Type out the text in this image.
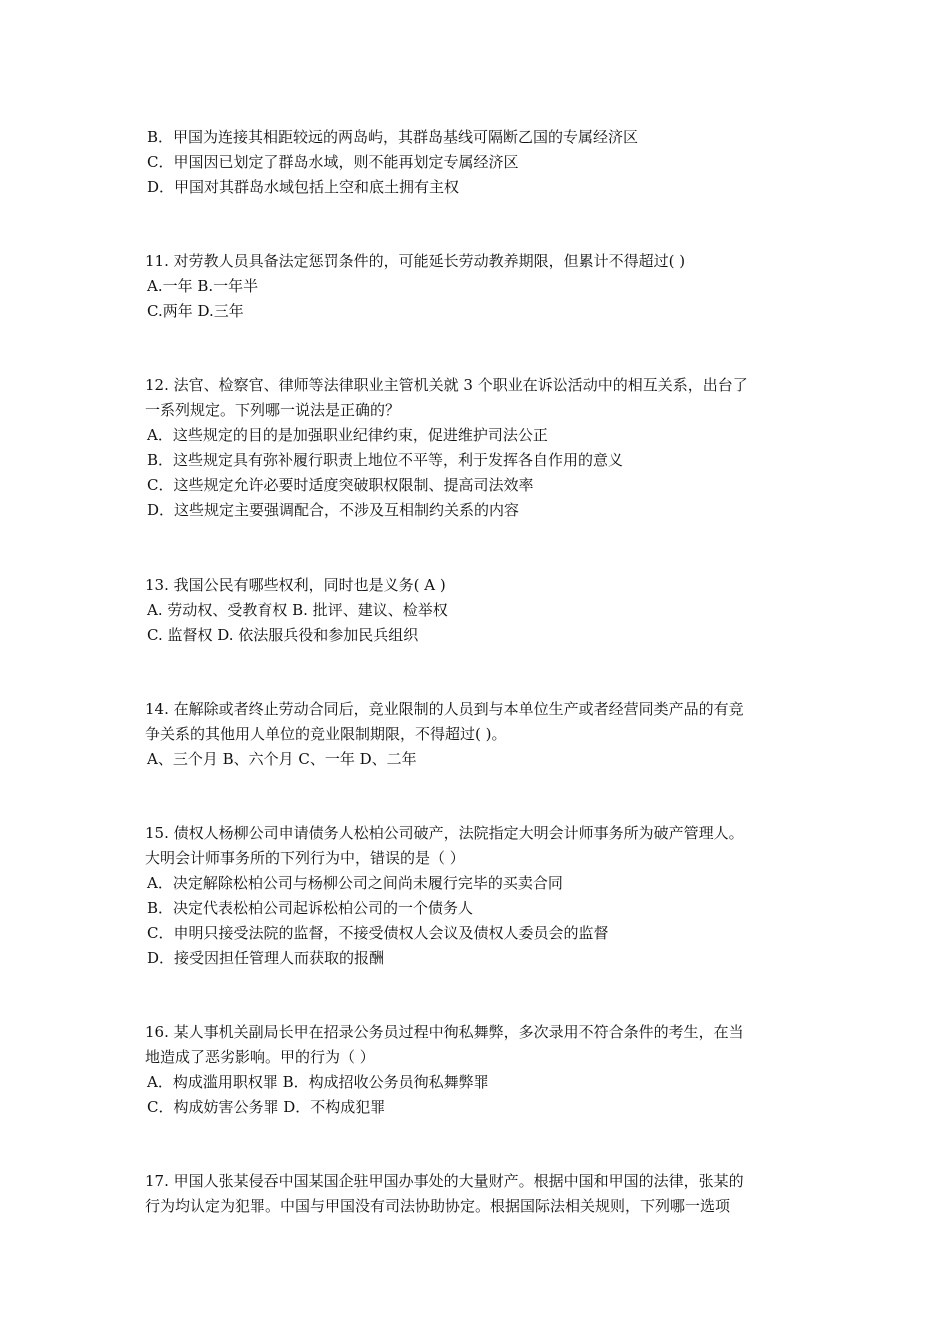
B．甲国为连接其相距较远的两岛屿，其群岛基线可隔断乙国的专属经济区
C．甲国因已划定了群岛水域，则不能再划定专属经济区
D．甲国对其群岛水域包括上空和底土拥有主权
11. 对劳教人员具备法定惩罚条件的，可能延长劳动教养期限，但累计不得超过( )
A.一年 B.一年半
C.两年 D.三年
12. 法官、检察官、律师等法律职业主管机关就 3 个职业在诉讼活动中的相互关系，出台了
一系列规定。下列哪一说法是正确的？
A．这些规定的目的是加强职业纪律约束，促进维护司法公正
B．这些规定具有弥补履行职责上地位不平等，利于发挥各自作用的意义
C．这些规定允许必要时适度突破职权限制、提高司法效率
D．这些规定主要强调配合，不涉及互相制约关系的内容
13. 我国公民有哪些权利，同时也是义务( A )
A. 劳动权、受教育权 B. 批评、建议、检举权
C. 监督权 D. 依法服兵役和参加民兵组织
14. 在解除或者终止劳动合同后，竞业限制的人员到与本单位生产或者经营同类产品的有竞
争关系的其他用人单位的竞业限制期限，不得超过( )。
A、三个月 B、六个月 C、一年 D、二年
15. 债权人杨柳公司申请债务人松柏公司破产，法院指定大明会计师事务所为破产管理人。
大明会计师事务所的下列行为中，错误的是（ ）
A．决定解除松柏公司与杨柳公司之间尚未履行完毕的买卖合同
B．决定代表松柏公司起诉松柏公司的一个债务人
C．申明只接受法院的监督，不接受债权人会议及债权人委员会的监督
D．接受因担任管理人而获取的报酬
16. 某人事机关副局长甲在招录公务员过程中徇私舞弊，多次录用不符合条件的考生，在当
地造成了恶劣影响。甲的行为（ ）
A．构成滥用职权罪 B．构成招收公务员徇私舞弊罪
C．构成妨害公务罪 D．不构成犯罪
17. 甲国人张某侵吞中国某国企驻甲国办事处的大量财产。根据中国和甲国的法律，张某的
行为均认定为犯罪。中国与甲国没有司法协助协定。根据国际法相关规则，下列哪一选项
